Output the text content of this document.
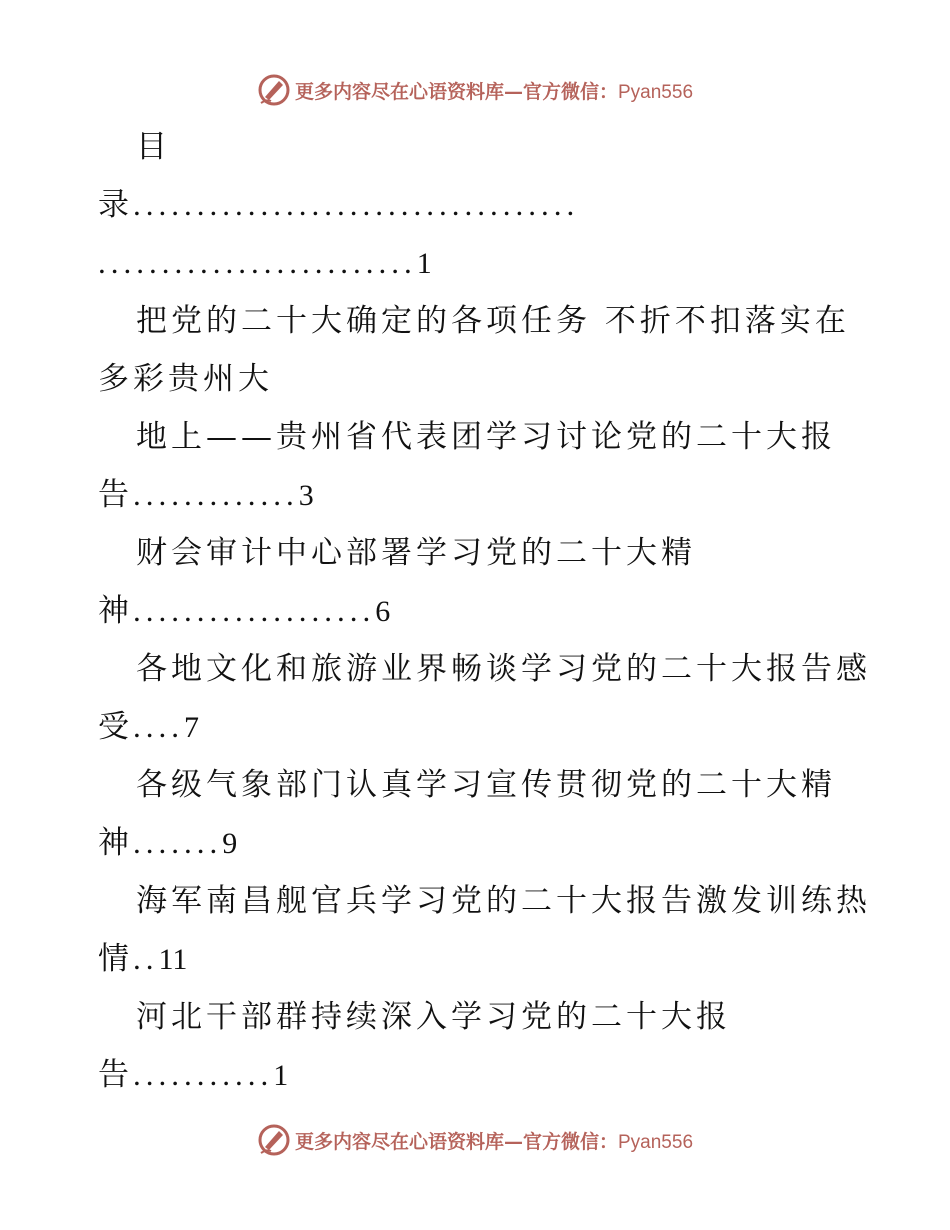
更多内容尽在心语资料库—官方微信：Pyan556
目
录...................................
.........................1
把党的二十大确定的各项任务 不折不扣落实在
多彩贵州大
地上——贵州省代表团学习讨论党的二十大报
告.............3
财会审计中心部署学习党的二十大精
神...................6
各地文化和旅游业界畅谈学习党的二十大报告感
受....7
各级气象部门认真学习宣传贯彻党的二十大精
神.......9
海军南昌舰官兵学习党的二十大报告激发训练热
情..11
河北干部群持续深入学习党的二十大报
告...........1
更多内容尽在心语资料库—官方微信：Pyan556
